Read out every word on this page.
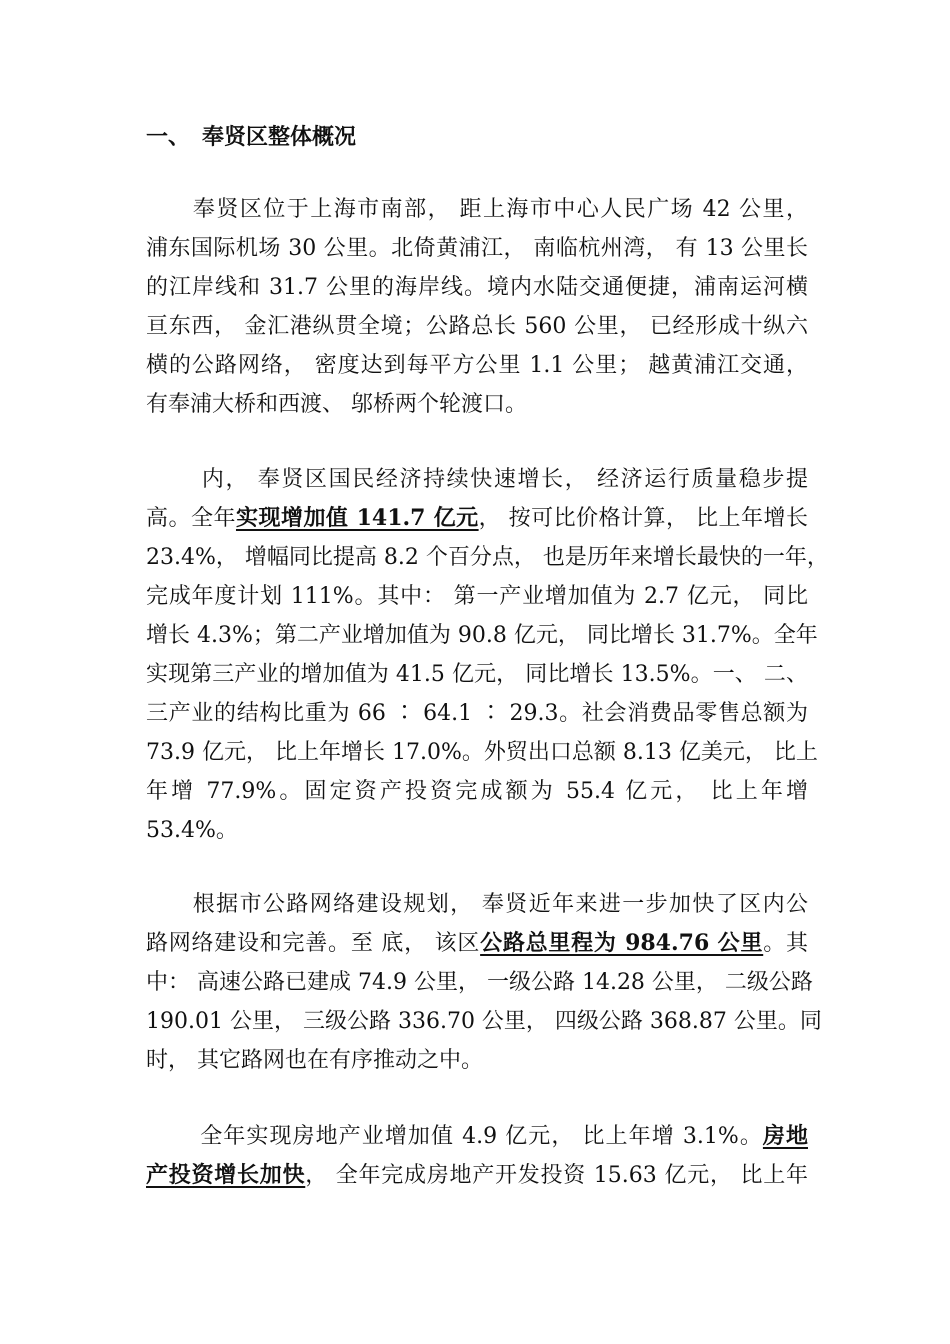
一、 奉贤区整体概况
　　奉贤区位于上海市南部， 距上海市中心人民广场 42 公里，
浦东国际机场 30 公里。北倚黄浦江， 南临杭州湾， 有 13 公里长
的江岸线和 31.7 公里的海岸线。境内水陆交通便捷，浦南运河横
亘东西， 金汇港纵贯全境；公路总长 560 公里， 已经形成十纵六
横的公路网络， 密度达到每平方公里 1.1 公里； 越黄浦江交通，
有奉浦大桥和西渡、 邬桥两个轮渡口。
　　 内， 奉贤区国民经济持续快速增长， 经济运行质量稳步提
高。全年实现增加值 141.7 亿元， 按可比价格计算， 比上年增长
23.4%， 增幅同比提高 8.2 个百分点， 也是历年来增长最快的一年，
完成年度计划 111%。其中： 第一产业增加值为 2.7 亿元， 同比
增长 4.3%；第二产业增加值为 90.8 亿元， 同比增长 31.7%。全年
实现第三产业的增加值为 41.5 亿元， 同比增长 13.5%。一、 二、
三产业的结构比重为 66 ∶ 64.1 ∶ 29.3。社会消费品零售总额为
73.9 亿元， 比上年增长 17.0%。外贸出口总额 8.13 亿美元， 比上
年增 77.9%。固定资产投资完成额为 55.4 亿元， 比上年增
53.4%。
　　根据市公路网络建设规划， 奉贤近年来进一步加快了区内公
路网络建设和完善。至 底， 该区公路总里程为 984.76 公里。其
中： 高速公路已建成 74.9 公里， 一级公路 14.28 公里， 二级公路
190.01 公里， 三级公路 336.70 公里， 四级公路 368.87 公里。同
时， 其它路网也在有序推动之中。
　　 全年实现房地产业增加值 4.9 亿元， 比上年增 3.1%。房地
产投资增长加快， 全年完成房地产开发投资 15.63 亿元， 比上年
